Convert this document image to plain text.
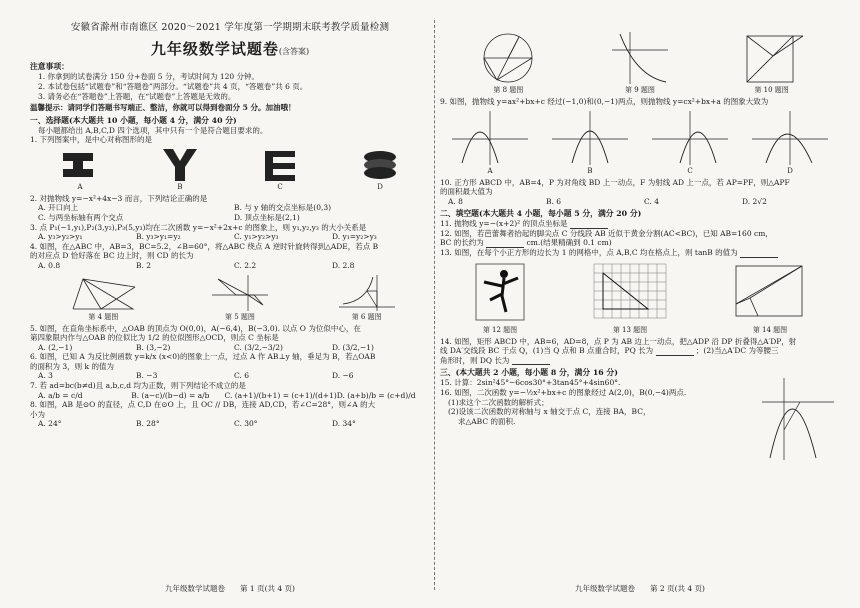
安徽省滁州市南谯区 2020～2021 学年度第一学期期末联考教学质量检测
九年级数学试题卷(含答案)
注意事项：
1. 你拿到的试卷满分 150 分+卷面 5 分，考试时间为 120 分钟。
2. 本试卷包括“试题卷”和“答题卷”两部分。“试题卷”共 4 页，“答题卷”共 6 页。
3. 请务必在“答题卷”上答题，在“试题卷”上答题是无效的。
温馨提示：请同学们答题书写端正、整洁，你就可以得到卷面分 5 分。加油哦！
一、选择题(本大题共 10 小题，每小题 4 分，满分 40 分)
每小题都给出 A,B,C,D 四个选项，其中只有一个是符合题目要求的。
1. 下列图案中，是中心对称图形的是
A	B	C	D
2. 对抛物线 y=−x²+4x−3 而言，下列结论正确的是
A. 开口向上	B. 与 y 轴的交点坐标是(0,3)
C. 与两坐标轴有两个交点	D. 顶点坐标是(2,1)
3. 点 P₁(−1,y₁),P₂(3,y₂),P₃(5,y₃)均在二次函数 y=−x²+2x+c 的图象上，则 y₁,y₂,y₃ 的大小关系是
A. y₃>y₂>y₁	B. y₃>y₁=y₂	C. y₁>y₂>y₃	D. y₁=y₂>y₃
4. 如图，在△ABC 中，AB=3，BC=5.2，∠B=60°，将△ABC 绕点 A 逆时针旋转得到△ADE，若点 B
的对应点 D 恰好落在 BC 边上时，则 CD 的长为
A. 0.8	B. 2	C. 2.2	D. 2.8
第 4 题图	第 5 题图	第 6 题图
5. 如图，在直角坐标系中，△OAB 的顶点为 O(0,0)，A(−6,4)，B(−3,0). 以点 O 为位似中心，在
第四象限内作与△OAB 的位似比为 1/2 的位似图形△OCD，则点 C 坐标是
A. (2,−1)	B. (3,−2)	C. (3/2,−3/2)	D. (3/2,−1)
6. 如图，已知 A 为反比例函数 y=k/x (x<0)的图象上一点，过点 A 作 AB⊥y 轴，垂足为 B，若△OAB
的面积为 3，则 k 的值为
A. 3	B. −3	C. 6	D. −6
7. 若 ad=bc(b≠d)且 a,b,c,d 均为正数，则下列结论不成立的是
A. a/b = c/d	B. (a−c)/(b−d) = a/b	C. (a+1)/(b+1) = (c+1)/(d+1) D. (a+b)/b = (c+d)/d
8. 如图，AB 是⊙O 的直径，点 C,D 在⊙O 上，且 OC // DB，连接 AD,CD，若∠C=28°，则∠A 的大
小为
A. 24°	B. 28°	C. 30°	D. 34°
九年级数学试题卷　　第 1 页(共 4 页)
第 8 题图	第 9 题图	第 10 题图
9. 如图，抛物线 y=ax²+bx+c 经过(−1,0)和(0,−1)两点，则抛物线 y=cx²+bx+a 的图象大致为
A	B	C	D
10. 正方形 ABCD 中，AB=4，P 为对角线 BD 上一动点，F 为射线 AD 上一点，若 AP=PF，则△APF
的面积最大值为
A. 8	B. 6	C. 4	D. 2√2
二、填空题(本大题共 4 小题，每小题 5 分，满分 20 分)
11. 抛物线 y=−(x+2)² 的顶点坐标是
12. 如图，若芭蕾舞者抬起的脚尖点 C 分线段 AB 近似于黄金分割(AC<BC)，已知 AB=160 cm，
BC 的长约为	cm.(结果精确到 0.1 cm)
13. 如图，在每个小正方形的边长为 1 的网格中，点 A,B,C 均在格点上，则 tanB 的值为
第 12 题图	第 13 题图	第 14 题图
14. 如图，矩形 ABCD 中，AB=6，AD=8，点 P 为 AB 边上一动点，把△ADP 沿 DP 折叠得△A′DP，射
线 DA′交线段 BC 于点 Q，(1)当 Q 点和 B 点重合时，PQ 长为	；(2)当△A′DC 为等腰三
角形时，则 DQ 长为
三、(本大题共 2 小题，每小题 8 分，满分 16 分)
15. 计算：2sin²45°−6cos30°+3tan45°+4sin60°.
16. 如图，二次函数 y=−½x²+bx+c 的图象经过 A(2,0)，B(0,−4)两点.
(1)求这个二次函数的解析式；
(2)设该二次函数的对称轴与 x 轴交于点 C，连接 BA，BC，
求△ABC 的面积.
九年级数学试题卷　　第 2 页(共 4 页)
